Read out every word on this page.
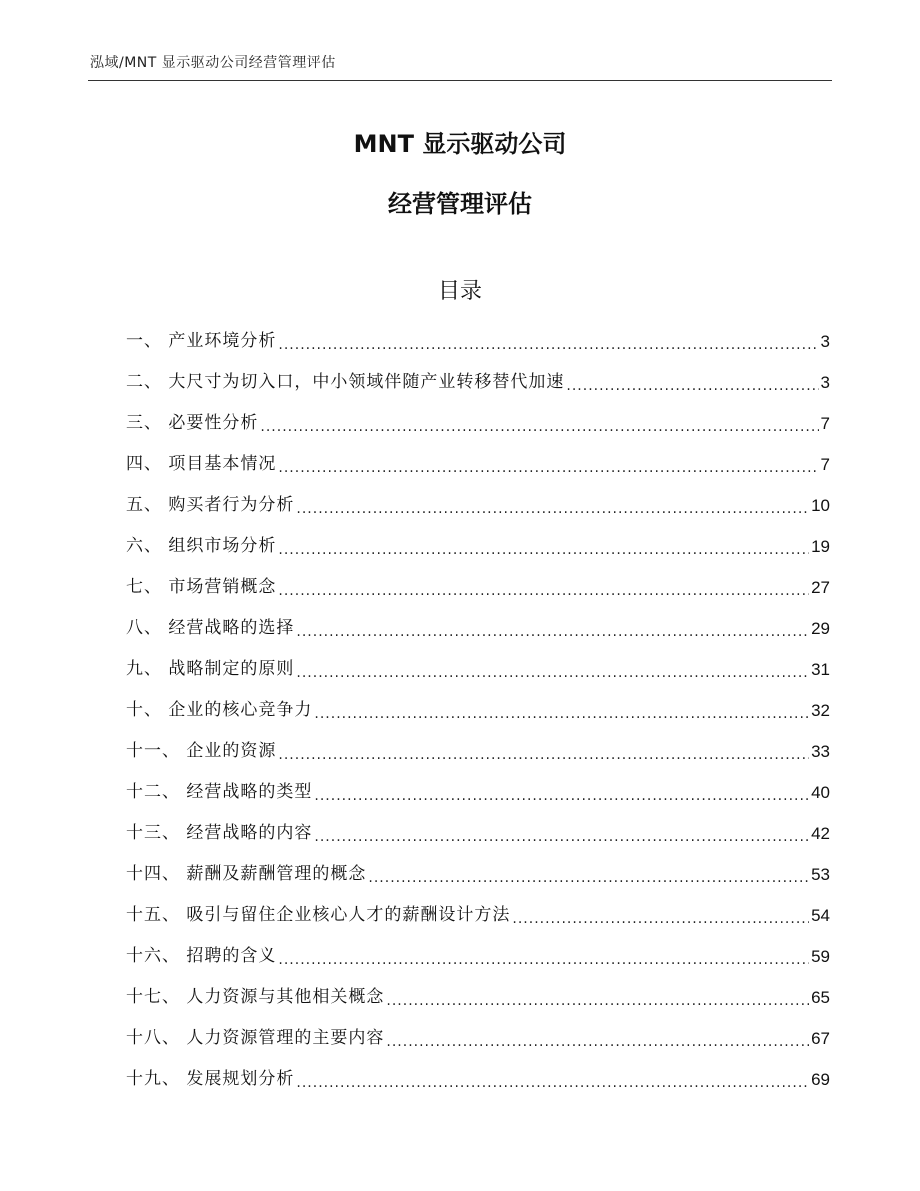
泓域/MNT 显示驱动公司经营管理评估
MNT 显示驱动公司
经营管理评估
目录
一、 产业环境分析 .....	3
二、 大尺寸为切入口，中小领域伴随产业转移替代加速 .....	3
三、 必要性分析 .....	7
四、 项目基本情况 .....	7
五、 购买者行为分析 .....	10
六、 组织市场分析 .....	19
七、 市场营销概念 .....	27
八、 经营战略的选择 .....	29
九、 战略制定的原则 .....	31
十、 企业的核心竞争力 .....	32
十一、 企业的资源 .....	33
十二、 经营战略的类型 .....	40
十三、 经营战略的内容 .....	42
十四、 薪酬及薪酬管理的概念 .....	53
十五、 吸引与留住企业核心人才的薪酬设计方法 .....	54
十六、 招聘的含义 .....	59
十七、 人力资源与其他相关概念 .....	65
十八、 人力资源管理的主要内容 .....	67
十九、 发展规划分析 .....	69
